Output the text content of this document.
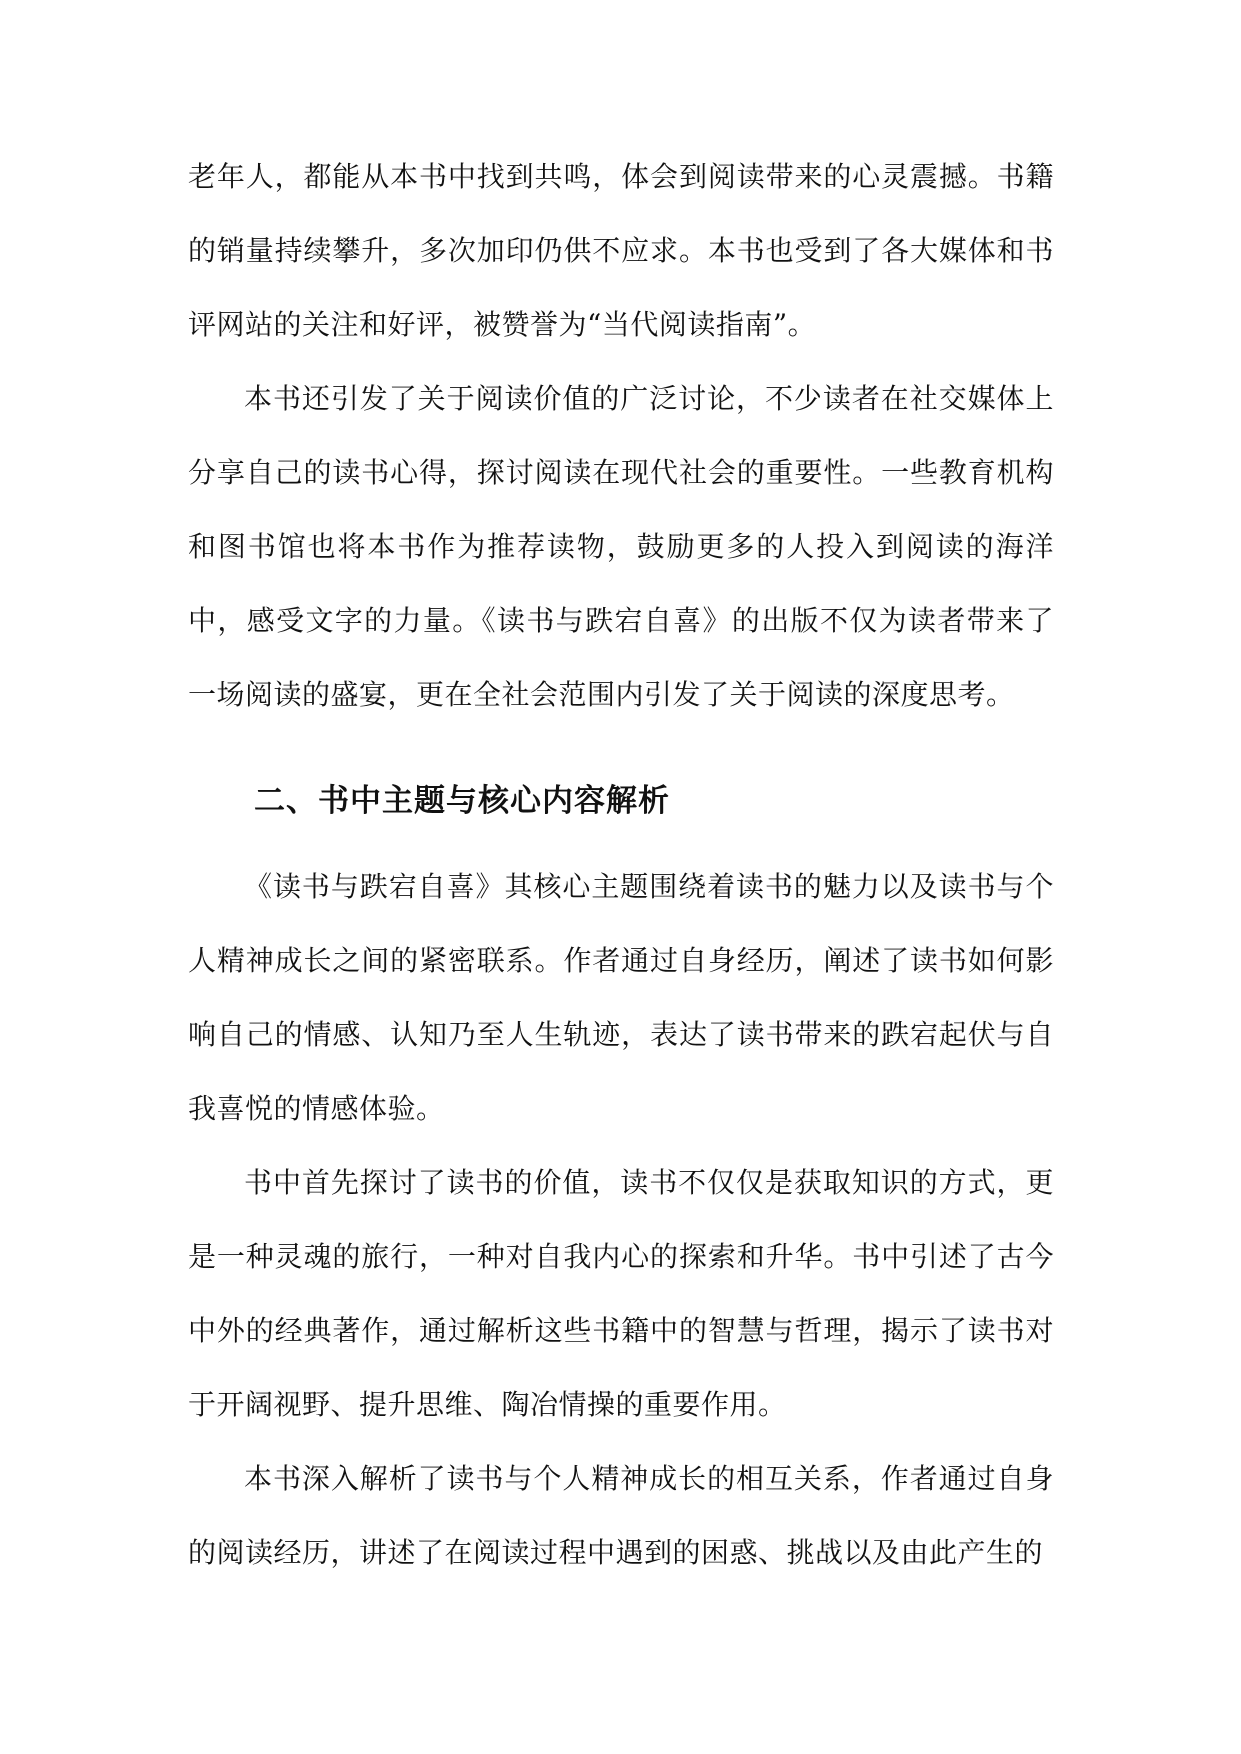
老年人，都能从本书中找到共鸣，体会到阅读带来的心灵震撼。书籍的销量持续攀升，多次加印仍供不应求。本书也受到了各大媒体和书评网站的关注和好评，被赞誉为“当代阅读指南”。

本书还引发了关于阅读价值的广泛讨论，不少读者在社交媒体上分享自己的读书心得，探讨阅读在现代社会的重要性。一些教育机构和图书馆也将本书作为推荐读物，鼓励更多的人投入到阅读的海洋中，感受文字的力量。《读书与跌宕自喜》的出版不仅为读者带来了一场阅读的盛宴，更在全社会范围内引发了关于阅读的深度思考。

二、书中主题与核心内容解析

《读书与跌宕自喜》其核心主题围绕着读书的魅力以及读书与个人精神成长之间的紧密联系。作者通过自身经历，阐述了读书如何影响自己的情感、认知乃至人生轨迹，表达了读书带来的跌宕起伏与自我喜悦的情感体验。

书中首先探讨了读书的价值，读书不仅仅是获取知识的方式，更是一种灵魂的旅行，一种对自我内心的探索和升华。书中引述了古今中外的经典著作，通过解析这些书籍中的智慧与哲理，揭示了读书对于开阔视野、提升思维、陶冶情操的重要作用。

本书深入解析了读书与个人精神成长的相互关系，作者通过自身的阅读经历，讲述了在阅读过程中遇到的困惑、挑战以及由此产生的
